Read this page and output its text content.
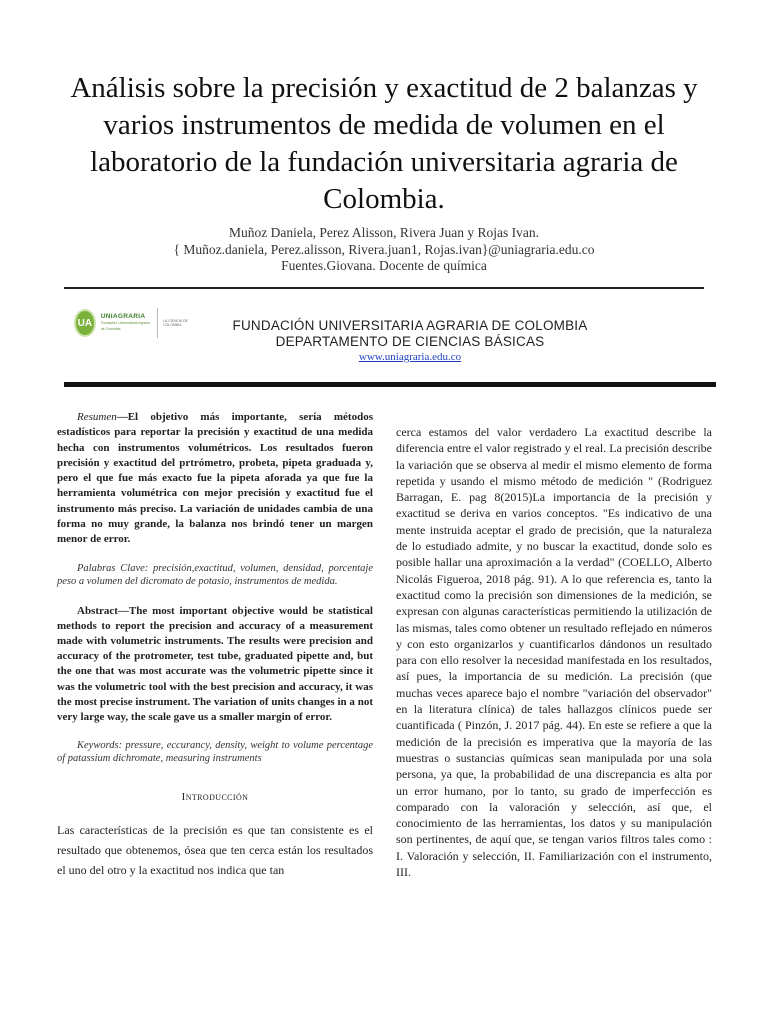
Análisis sobre la precisión y exactitud de 2 balanzas y varios instrumentos de medida de volumen en el laboratorio de la fundación universitaria agraria de Colombia.
Muñoz Daniela, Perez Alisson, Rivera Juan y Rojas Ivan.
{ Muñoz.daniela, Perez.alisson, Rivera.juan1, Rojas.ivan}@uniagraria.edu.co
Fuentes.Giovana. Docente de química
UA
UNIAGRARIA
Fundación Universitaria Agraria de Colombia
LA CIENCIA DE COLOMBIA	FUNDACIÓN UNIVERSITARIA AGRARIA DE COLOMBIA
DEPARTAMENTO DE CIENCIAS BÁSICAS
www.uniagraria.edu.co

Resumen—El objetivo más importante, sería métodos estadísticos para reportar la precisión y exactitud de una medida hecha con instrumentos volumétricos. Los resultados fueron precisión y exactitud del prtrómetro, probeta, pipeta graduada y, pero el que fue más exacto fue la pipeta aforada ya que fue la herramienta volumétrica con mejor precisión y exactitud fue el instrumento más preciso. La variación de unidades cambia de una forma no muy grande, la balanza nos brindó tener un margen menor de error.

Palabras Clave: precisión,exactitud, volumen, densidad, porcentaje peso a volumen del dicromato de potasio, instrumentos de medida.

Abstract—The most important objective would be statistical methods to report the precision and accuracy of a measurement made with volumetric instruments. The results were precision and accuracy of the protrometer, test tube, graduated pipette and, but the one that was most accurate was the volumetric pipette since it was the volumetric tool with the best precision and accuracy, it was the most precise instrument. The variation of units changes in a not very large way, the scale gave us a smaller margin of error.

Keywords: pressure, eccurancy, density, weight to volume percentage of patassium dichromate, measuring instruments

Introducción

Las características de la precisión es que tan consistente es el resultado que obtenemos, ósea que ten cerca están los resultados el uno del otro y la exactitud nos indica que tan

cerca estamos del valor verdadero La exactitud describe la diferencia entre el valor registrado y el real. La precisión describe la variación que se observa al medir el mismo elemento de forma repetida y usando el mismo método de medición " (Rodriguez Barragan, E. pag 8(2015)La importancia de la precisión y exactitud se deriva en varios conceptos. "Es indicativo de una mente instruida aceptar el grado de precisión, que la naturaleza de lo estudiado admite, y no buscar la exactitud, donde solo es posible hallar una aproximación a la verdad" (COELLO, Alberto Nicolás Figueroa, 2018 pág. 91). A lo que referencia es, tanto la exactitud como la precisión son dimensiones de la medición, se expresan con algunas características permitiendo la utilización de las mismas, tales como obtener un resultado reflejado en números y con esto organizarlos y cuantificarlos dándonos un resultado para con ello resolver la necesidad manifestada en los resultados, así pues, la importancia de su medición. La precisión (que muchas veces aparece bajo el nombre "variación del observador" en la literatura clínica) de tales hallazgos clínicos puede ser cuantificada ( Pinzón, J. 2017 pág. 44). En este se refiere a que la medición de la precisión es imperativa que la mayoría de las muestras o sustancias químicas sean manipulada por una sola persona, ya que, la probabilidad de una discrepancia es alta por un error humano, por lo tanto, su grado de imperfección es comparado con la valoración y selección, así que, el conocimiento de las herramientas, los datos y su manipulación son pertinentes, de aquí que, se tengan varios filtros tales como : I. Valoración y selección, II. Familiarización con el instrumento, III.
